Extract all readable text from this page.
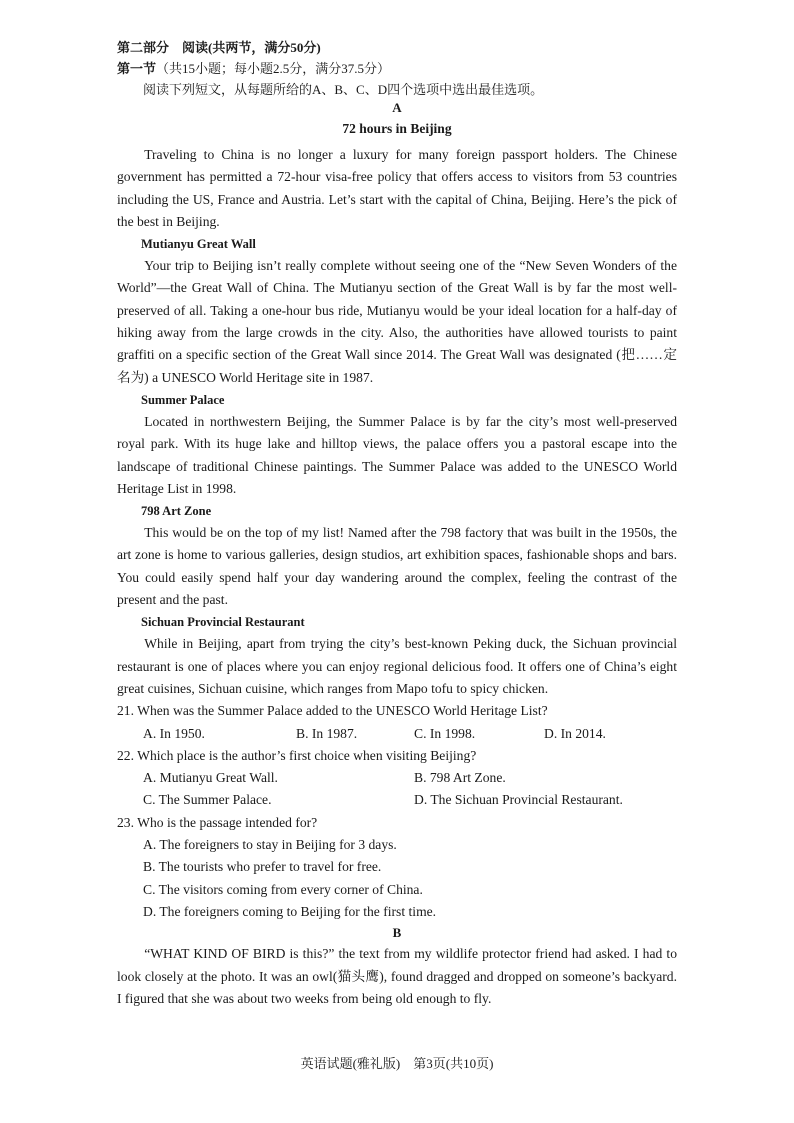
第二部分　阅读(共两节，满分50分)
第一节（共15小题；每小题2.5分，满分37.5分）
阅读下列短文，从每题所给的A、B、C、D四个选项中选出最佳选项。
A
72 hours in Beijing

Traveling to China is no longer a luxury for many foreign passport holders. The Chinese government has permitted a 72-hour visa-free policy that offers access to visitors from 53 countries including the US, France and Austria. Let’s start with the capital of China, Beijing. Here’s the pick of the best in Beijing.

Mutianyu Great Wall

Your trip to Beijing isn’t really complete without seeing one of the “New Seven Wonders of the World”—the Great Wall of China. The Mutianyu section of the Great Wall is by far the most well-preserved of all. Taking a one-hour bus ride, Mutianyu would be your ideal location for a half-day of hiking away from the large crowds in the city. Also, the authorities have allowed tourists to paint graffiti on a specific section of the Great Wall since 2014. The Great Wall was designated (把……定名为) a UNESCO World Heritage site in 1987.

Summer Palace

Located in northwestern Beijing, the Summer Palace is by far the city’s most well-preserved royal park. With its huge lake and hilltop views, the palace offers you a pastoral escape into the landscape of traditional Chinese paintings. The Summer Palace was added to the UNESCO World Heritage List in 1998.

798 Art Zone

This would be on the top of my list! Named after the 798 factory that was built in the 1950s, the art zone is home to various galleries, design studios, art exhibition spaces, fashionable shops and bars. You could easily spend half your day wandering around the complex, feeling the contrast of the present and the past.

Sichuan Provincial Restaurant

While in Beijing, apart from trying the city’s best-known Peking duck, the Sichuan provincial restaurant is one of places where you can enjoy regional delicious food. It offers one of China’s eight great cuisines, Sichuan cuisine, which ranges from Mapo tofu to spicy chicken.

21. When was the Summer Palace added to the UNESCO World Heritage List?
A. In 1950.	B. In 1987.	C. In 1998.	D. In 2014.
22. Which place is the author’s first choice when visiting Beijing?
A. Mutianyu Great Wall.	B. 798 Art Zone.
C. The Summer Palace.	D. The Sichuan Provincial Restaurant.
23. Who is the passage intended for?
A. The foreigners to stay in Beijing for 3 days.
B. The tourists who prefer to travel for free.
C. The visitors coming from every corner of China.
D. The foreigners coming to Beijing for the first time.
B

“WHAT KIND OF BIRD is this?” the text from my wildlife protector friend had asked. I had to look closely at the photo. It was an owl(猫头鹰), found dragged and dropped on someone’s backyard. I figured that she was about two weeks from being old enough to fly.

英语试题(雅礼版)　第3页(共10页)
